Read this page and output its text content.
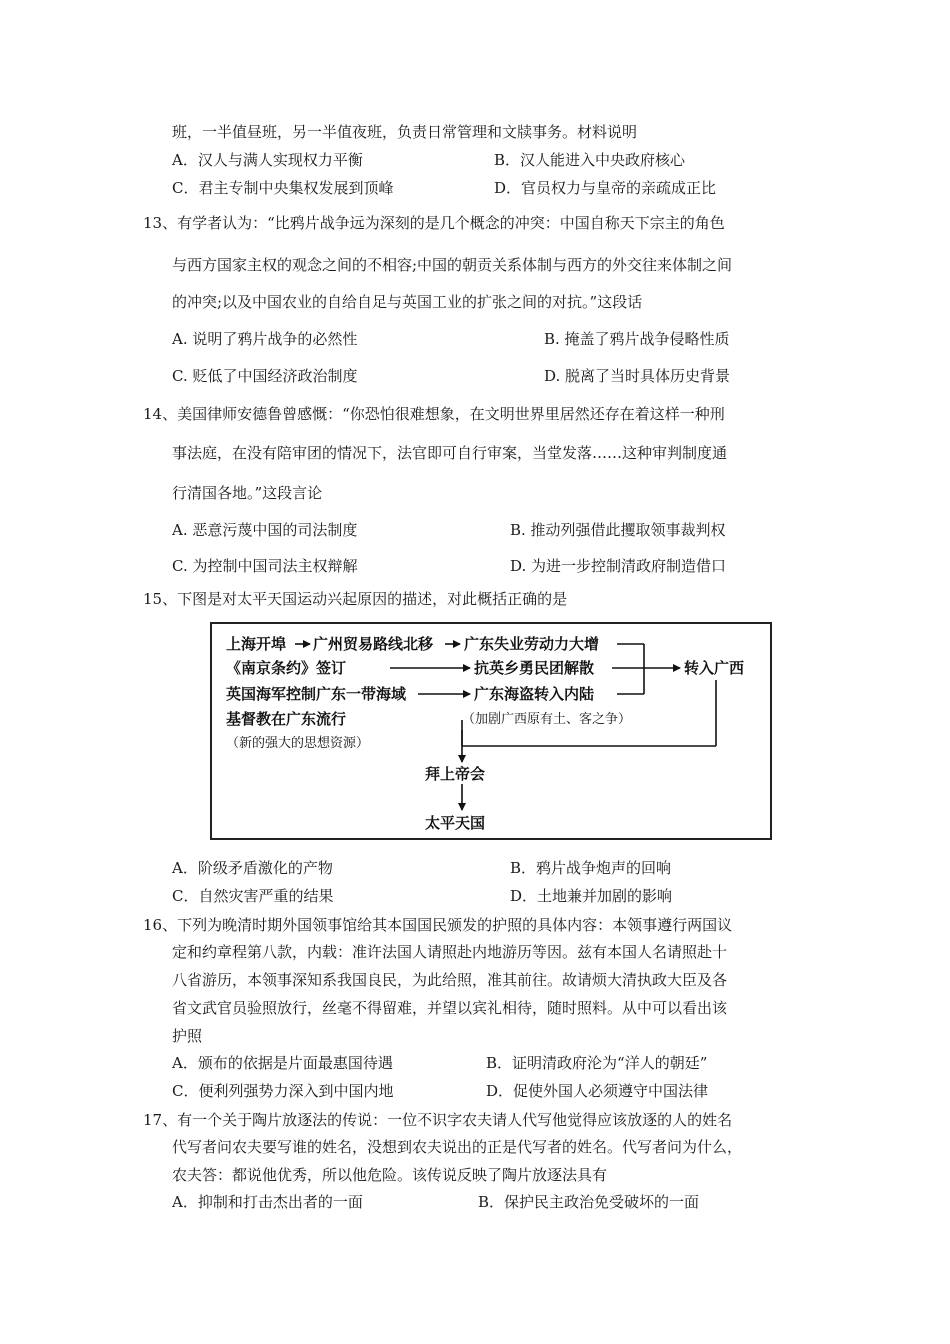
班，一半值昼班，另一半值夜班，负责日常管理和文牍事务。材料说明
A．汉人与满人实现权力平衡	B．汉人能进入中央政府核心
C．君主专制中央集权发展到顶峰	D．官员权力与皇帝的亲疏成正比
13、有学者认为：“比鸦片战争远为深刻的是几个概念的冲突：中国自称天下宗主的角色
与西方国家主权的观念之间的不相容;中国的朝贡关系体制与西方的外交往来体制之间
的冲突;以及中国农业的自给自足与英国工业的扩张之间的对抗。”这段话
A. 说明了鸦片战争的必然性	B. 掩盖了鸦片战争侵略性质
C. 贬低了中国经济政治制度	D. 脱离了当时具体历史背景
14、美国律师安德鲁曾感慨：“你恐怕很难想象，在文明世界里居然还存在着这样一种刑
事法庭，在没有陪审团的情况下，法官即可自行审案，当堂发落……这种审判制度通
行清国各地。”这段言论
A. 恶意污蔑中国的司法制度	B. 推动列强借此攫取领事裁判权
C. 为控制中国司法主权辩解	D. 为进一步控制清政府制造借口
15、下图是对太平天国运动兴起原因的描述，对此概括正确的是
上海开埠 广州贸易路线北移 广东失业劳动力大增
《南京条约》签订	抗英乡勇民团解散
英国海军控制广东一带海域	广东海盗转入内陆
（加剧广西原有土、客之争）
基督教在广东流行
（新的强大的思想资源）
转入广西
拜上帝会
太平天国
A．阶级矛盾激化的产物	B．鸦片战争炮声的回响
C．自然灾害严重的结果	D．土地兼并加剧的影响
16、下列为晚清时期外国领事馆给其本国国民颁发的护照的具体内容：本领事遵行两国议
定和约章程第八款，内载：准许法国人请照赴内地游历等因。兹有本国人名请照赴十
八省游历，本领事深知系我国良民，为此给照，准其前往。故请烦大清执政大臣及各
省文武官员验照放行，丝毫不得留难，并望以宾礼相待，随时照料。从中可以看出该
护照
A．颁布的依据是片面最惠国待遇	B．证明清政府沦为“洋人的朝廷”
C．便利列强势力深入到中国内地	D．促使外国人必须遵守中国法律
17、有一个关于陶片放逐法的传说：一位不识字农夫请人代写他觉得应该放逐的人的姓名
代写者问农夫要写谁的姓名，没想到农夫说出的正是代写者的姓名。代写者问为什么，
农夫答：都说他优秀，所以他危险。该传说反映了陶片放逐法具有
A．抑制和打击杰出者的一面	B．保护民主政治免受破坏的一面
